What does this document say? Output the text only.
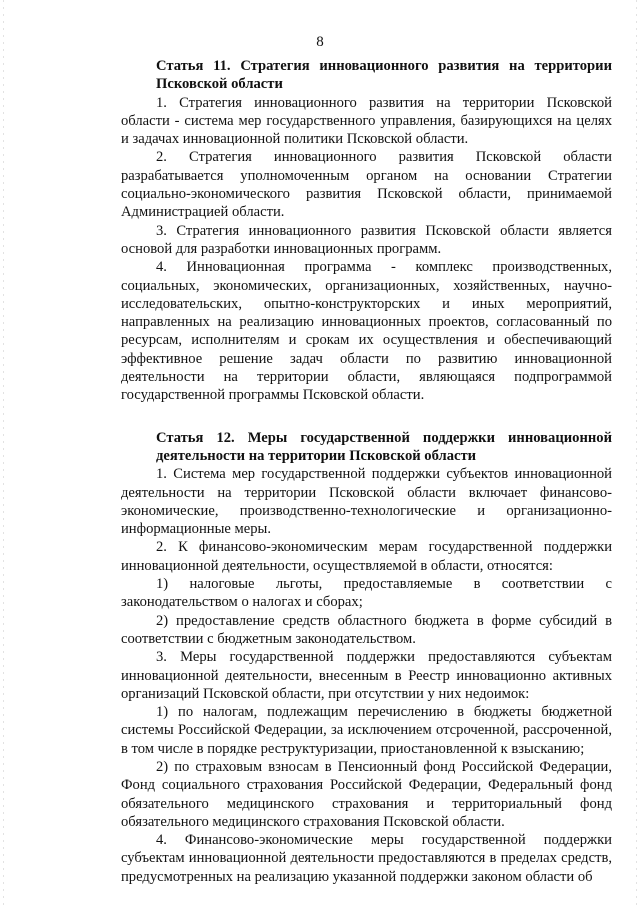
8

Статья 11. Стратегия инновационного развития на территории Псковской области

1. Стратегия инновационного развития на территории Псковской области - система мер государственного управления, базирующихся на целях и задачах инновационной политики Псковской области.

2. Стратегия инновационного развития Псковской области разрабатывается уполномоченным органом на основании Стратегии социально-экономического развития Псковской области, принимаемой Администрацией области.

3. Стратегия инновационного развития Псковской области является основой для разработки инновационных программ.

4. Инновационная программа - комплекс производственных, социальных, экономических, организационных, хозяйственных, научно-исследовательских, опытно-конструкторских и иных мероприятий, направленных на реализацию инновационных проектов, согласованный по ресурсам, исполнителям и срокам их осуществления и обеспечивающий эффективное решение задач области по развитию инновационной деятельности на территории области, являющаяся подпрограммой государственной программы Псковской области.

Статья 12. Меры государственной поддержки инновационной деятельности на территории Псковской области

1. Система мер государственной поддержки субъектов инновационной деятельности на территории Псковской области включает финансово-экономические, производственно-технологические и организационно-информационные меры.

2. К финансово-экономическим мерам государственной поддержки инновационной деятельности, осуществляемой в области, относятся:

1) налоговые льготы, предоставляемые в соответствии с законодательством о налогах и сборах;

2) предоставление средств областного бюджета в форме субсидий в соответствии с бюджетным законодательством.

3. Меры государственной поддержки предоставляются субъектам инновационной деятельности, внесенным в Реестр инновационно активных организаций Псковской области, при отсутствии у них недоимок:

1) по налогам, подлежащим перечислению в бюджеты бюджетной системы Российской Федерации, за исключением отсроченной, рассроченной, в том числе в порядке реструктуризации, приостановленной к взысканию;

2) по страховым взносам в Пенсионный фонд Российской Федерации, Фонд социального страхования Российской Федерации, Федеральный фонд обязательного медицинского страхования и территориальный фонд обязательного медицинского страхования Псковской области.

4. Финансово-экономические меры государственной поддержки субъектам инновационной деятельности предоставляются в пределах средств, предусмотренных на реализацию указанной поддержки законом области об
